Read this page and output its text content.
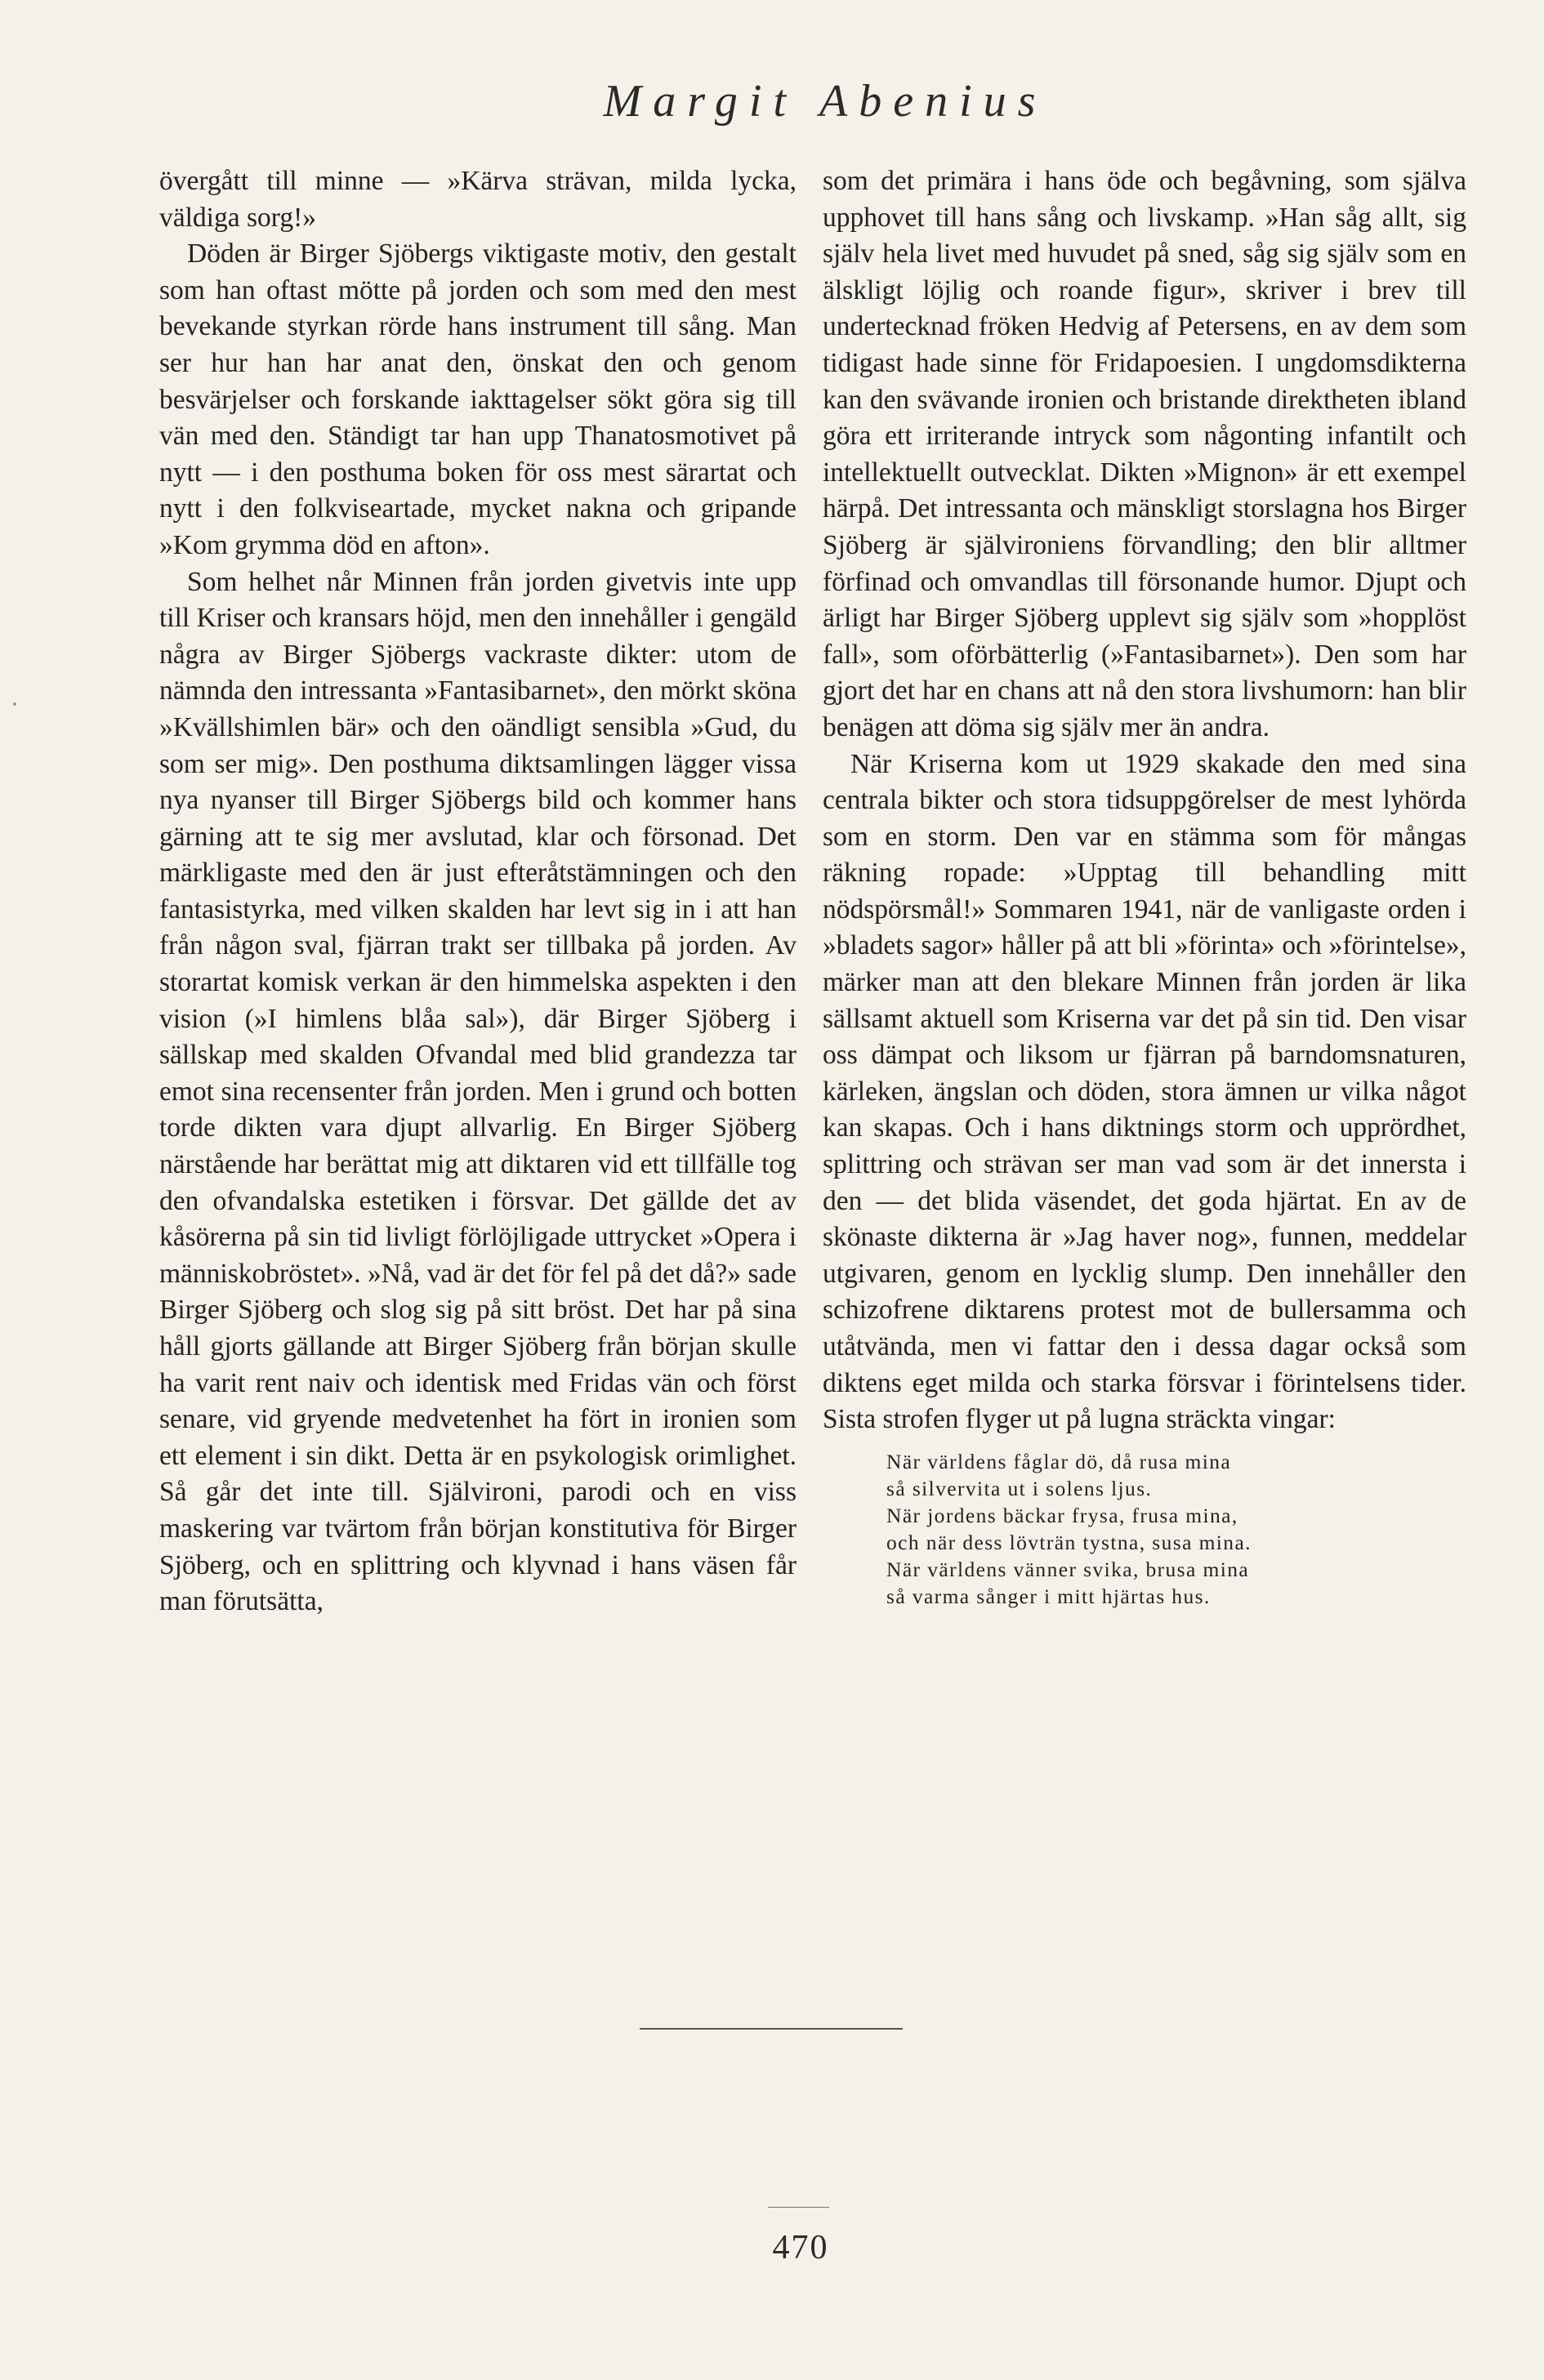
Margit Abenius

övergått till minne — »Kärva strävan, milda lycka, väldiga sorg!»

Döden är Birger Sjöbergs viktigaste motiv, den gestalt som han oftast mötte på jorden och som med den mest bevekande styrkan rörde hans instrument till sång. Man ser hur han har anat den, önskat den och genom besvärjelser och forskande iakttagelser sökt göra sig till vän med den. Ständigt tar han upp Thanatosmotivet på nytt — i den posthuma boken för oss mest särartat och nytt i den folkviseartade, mycket nakna och gripande »Kom grymma död en afton».

Som helhet når Minnen från jorden givetvis inte upp till Kriser och kransars höjd, men den innehåller i gengäld några av Birger Sjöbergs vackraste dikter: utom de nämnda den intressanta »Fantasibarnet», den mörkt sköna »Kvällshimlen bär» och den oändligt sensibla »Gud, du som ser mig». Den posthuma diktsamlingen lägger vissa nya nyanser till Birger Sjöbergs bild och kommer hans gärning att te sig mer avslutad, klar och försonad. Det märkligaste med den är just efteråtstämningen och den fantasistyrka, med vilken skalden har levt sig in i att han från någon sval, fjärran trakt ser tillbaka på jorden. Av storartat komisk verkan är den himmelska aspekten i den vision (»I himlens blåa sal»), där Birger Sjöberg i sällskap med skalden Ofvandal med blid grandezza tar emot sina recensenter från jorden. Men i grund och botten torde dikten vara djupt allvarlig. En Birger Sjöberg närstående har berättat mig att diktaren vid ett tillfälle tog den ofvandalska estetiken i försvar. Det gällde det av kåsörerna på sin tid livligt förlöjligade uttrycket »Opera i människobröstet». »Nå, vad är det för fel på det då?» sade Birger Sjöberg och slog sig på sitt bröst. Det har på sina håll gjorts gällande att Birger Sjöberg från början skulle ha varit rent naiv och identisk med Fridas vän och först senare, vid gryende medvetenhet ha fört in ironien som ett element i sin dikt. Detta är en psykologisk orimlighet. Så går det inte till. Självironi, parodi och en viss maskering var tvärtom från början konstitutiva för Birger Sjöberg, och en splittring och klyvnad i hans väsen får man förutsätta,

som det primära i hans öde och begåvning, som själva upphovet till hans sång och livskamp. »Han såg allt, sig själv hela livet med huvudet på sned, såg sig själv som en älskligt löjlig och roande figur», skriver i brev till undertecknad fröken Hedvig af Petersens, en av dem som tidigast hade sinne för Fridapoesien. I ungdomsdikterna kan den svävande ironien och bristande direktheten ibland göra ett irriterande intryck som någonting infantilt och intellektuellt outvecklat. Dikten »Mignon» är ett exempel härpå. Det intressanta och mänskligt storslagna hos Birger Sjöberg är självironiens förvandling; den blir alltmer förfinad och omvandlas till försonande humor. Djupt och ärligt har Birger Sjöberg upplevt sig själv som »hopplöst fall», som oförbätterlig (»Fantasibarnet»). Den som har gjort det har en chans att nå den stora livshumorn: han blir benägen att döma sig själv mer än andra.

När Kriserna kom ut 1929 skakade den med sina centrala bikter och stora tidsuppgörelser de mest lyhörda som en storm. Den var en stämma som för mångas räkning ropade: »Upptag till behandling mitt nödspörsmål!» Sommaren 1941, när de vanligaste orden i »bladets sagor» håller på att bli »förinta» och »förintelse», märker man att den blekare Minnen från jorden är lika sällsamt aktuell som Kriserna var det på sin tid. Den visar oss dämpat och liksom ur fjärran på barndomsnaturen, kärleken, ängslan och döden, stora ämnen ur vilka något kan skapas. Och i hans diktnings storm och upprördhet, splittring och strävan ser man vad som är det innersta i den — det blida väsendet, det goda hjärtat. En av de skönaste dikterna är »Jag haver nog», funnen, meddelar utgivaren, genom en lycklig slump. Den innehåller den schizofrene diktarens protest mot de bullersamma och utåtvända, men vi fattar den i dessa dagar också som diktens eget milda och starka försvar i förintelsens tider. Sista strofen flyger ut på lugna sträckta vingar:

När världens fåglar dö, då rusa mina
så silvervita ut i solens ljus.
När jordens bäckar frysa, frusa mina,
och när dess lövträn tystna, susa mina.
När världens vänner svika, brusa mina
så varma sånger i mitt hjärtas hus.
470
